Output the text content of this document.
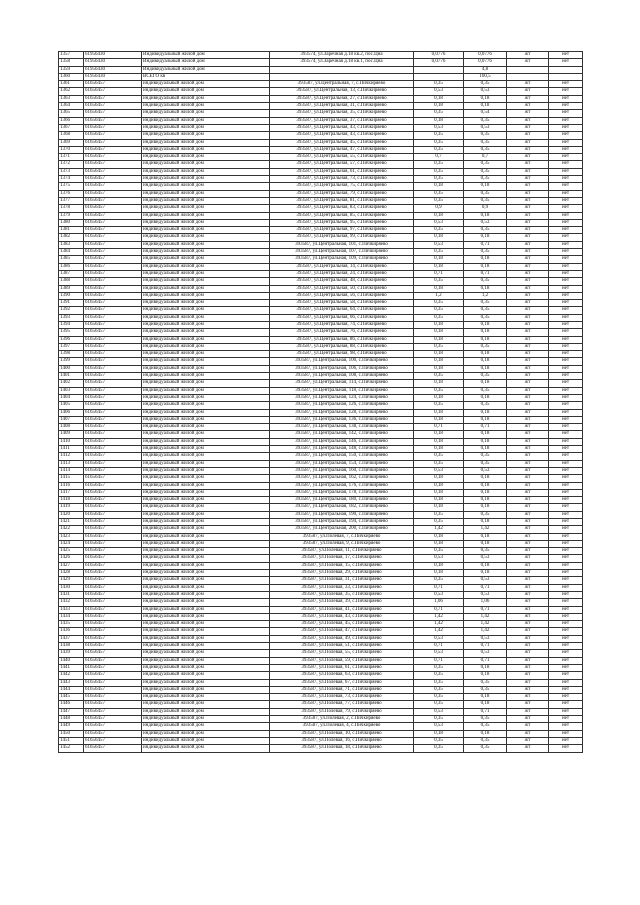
1357	61956430	Индивидуальный жилой дом	393574, ул.Заречная д.18 кв.2, пос.Цна	0,0776	0,0776	жт	нет
1358	61956430	Индивидуальный жилой дом	393574, ул.Заречная д.18 кв.1, пос.Цна	0,0776	0,0776	жт	нет
1359	61956430	Индивидуальный жилой дом			4,8		
1360	61956430	ВСЕГО кв			160,5		
1361	61656457	индивидуальный жилой дом	393587, ул.Центральная, 7, с.Пичкиряево	0,35	0,35	жт	нет
1362	61656457	индивидуальный жилой дом	393587, ул.Центральная, 13, с.Пичкиряево	0,53	0,53	жт	нет
1363	61656457	индивидуальный жилой дом	393587, ул.Центральная, 27, с.Пичкиряево	0,18	0,18	жт	нет
1364	61656457	индивидуальный жилой дом	393587, ул.Центральная, 31, с.Пичкиряево	0,18	0,18	жт	нет
1365	61656457	индивидуальный жилой дом	393587, ул.Центральная, 35, с.Пичкиряево	0,35	0,54	жт	нет
1366	61656457	индивидуальный жилой дом	393587, ул.Центральная, 37, с.Пичкиряево	0,18	0,35	жт	нет
1367	61656457	индивидуальный жилой дом	393587, ул.Центральная, 43, с.Пичкиряево	0,53	0,53	жт	нет
1368	61656457	индивидуальный жилой дом	393587, ул.Центральная, 43, с.Пичкиряево	0,35	0,35	жт	нет
1369	61656457	индивидуальный жилой дом	393587, ул.Центральная, 45, с.Пичкиряево	0,35	0,35	жт	нет
1370	61656457	индивидуальный жилой дом	393587, ул.Центральная, 47, с.Пичкиряево	0,35	0,35	жт	нет
1371	61656457	индивидуальный жилой дом	393587, ул.Центральная, 55, с.Пичкиряево	0,7	0,7	жт	нет
1372	61656457	индивидуальный жилой дом	393587, ул.Центральная, 57, с.Пичкиряево	0,35	0,35	жт	нет
1373	61656457	индивидуальный жилой дом	393587, ул.Центральная, 61, с.Пичкиряево	0,35	0,35	жт	нет
1374	61656457	индивидуальный жилой дом	393587, ул.Центральная, 73, с.Пичкиряево	0,35	0,35	жт	нет
1375	61656457	индивидуальный жилой дом	393587, ул.Центральная, 75, с.Пичкиряево	0,18	0,18	жт	нет
1376	61656457	индивидуальный жилой дом	393587, ул.Центральная, 79, с.Пичкиряево	0,35	0,35	жт	нет
1377	61656457	индивидуальный жилой дом	393587, ул.Центральная, 81, с.Пичкиряево	0,35	0,35	жт	нет
1378	61656457	индивидуальный жилой дом	393587, ул.Центральная, 83, с.Пичкиряево	0,9	0,9	жт	нет
1379	61656457	индивидуальный жилой дом	393587, ул.Центральная, 85, с.Пичкиряево	0,18	0,18	жт	нет
1380	61656457	индивидуальный жилой дом	393587, ул.Центральная, 95, с.Пичкиряево	0,53	0,53	жт	нет
1381	61656457	индивидуальный жилой дом	393587, ул.Центральная, 97, с.Пичкиряево	0,35	0,35	жт	нет
1382	61656457	индивидуальный жилой дом	393587, ул.Центральная, 99, с.Пичкиряево	0,18	0,18	жт	нет
1383	61656457	индивидуальный жилой дом	393587, ул.Центральная, 101, с.Пичкиряево	0,53	0,71	жт	нет
1384	61656457	индивидуальный жилой дом	393587, ул.Центральная, 107, с.Пичкиряево	0,35	0,35	жт	нет
1385	61656457	индивидуальный жилой дом	393587, ул.Центральная, 109, с.Пичкиряево	0,18	0,18	жт	нет
1386	61656457	индивидуальный жилой дом	393587, ул.Центральная, 14, с.Пичкиряево	0,18	0,18	жт	нет
1387	61656457	индивидуальный жилой дом	393587, ул.Центральная, 24, с.Пичкиряево	0,71	0,71	жт	нет
1388	61656457	индивидуальный жилой дом	393587, ул.Центральная, 48, с.Пичкиряево	0,35	0,35	жт	нет
1389	61656457	индивидуальный жилой дом	393587, ул.Центральная, 50, с.Пичкиряево	0,18	0,18	жт	нет
1390	61656457	индивидуальный жилой дом	393587, ул.Центральная, 56, с.Пичкиряево	1,2	1,2	жт	нет
1391	61656457	индивидуальный жилой дом	393587, ул.Центральная, 58, с.Пичкиряево	0,35	0,35	жт	нет
1392	61656457	индивидуальный жилой дом	393587, ул.Центральная, 64, с.Пичкиряево	0,35	0,35	жт	нет
1393	61656457	индивидуальный жилой дом	393587, ул.Центральная, 66, с.Пичкиряево	0,35	0,35	жт	нет
1394	61656457	индивидуальный жилой дом	393587, ул.Центральная, 74, с.Пичкиряево	0,18	0,18	жт	нет
1395	61656457	индивидуальный жилой дом	393587, ул.Центральная, 76, с.Пичкиряево	0,18	0,18	жт	нет
1396	61656457	индивидуальный жилой дом	393587, ул.Центральная, 86, с.Пичкиряево	0,18	0,18	жт	нет
1397	61656457	индивидуальный жилой дом	393587, ул.Центральная, 88, с.Пичкиряево	0,35	0,35	жт	нет
1398	61656457	индивидуальный жилой дом	393587, ул.Центральная, 98, с.Пичкиряево	0,18	0,18	жт	нет
1399	61656457	индивидуальный жилой дом	393587, ул.Центральная, 100, с.Пичкиряево	0,18	0,18	жт	нет
1400	61656457	индивидуальный жилой дом	393587, ул.Центральная, 106, с.Пичкиряево	0,18	0,18	жт	нет
1401	61656457	индивидуальный жилой дом	393587, ул.Центральная, 108, с.Пичкиряево	0,35	0,35	жт	нет
1402	61656457	индивидуальный жилой дом	393587, ул.Центральная, 114, с.Пичкиряево	0,18	0,18	жт	нет
1403	61656457	индивидуальный жилой дом	393587, ул.Центральная, 118, с.Пичкиряево	0,35	0,35	жт	нет
1404	61656457	индивидуальный жилой дом	393587, ул.Центральная, 124, с.Пичкиряево	0,18	0,18	жт	нет
1405	61656457	индивидуальный жилой дом	393587, ул.Центральная, 126, с.Пичкиряево	0,35	0,35	жт	нет
1406	61656457	индивидуальный жилой дом	393587, ул.Центральная, 128, с.Пичкиряево	0,18	0,18	жт	нет
1407	61656457	индивидуальный жилой дом	393587, ул.Центральная, 136, с.Пичкиряево	0,18	0,18	жт	нет
1408	61656457	индивидуальный жилой дом	393587, ул.Центральная, 138, с.Пичкиряево	0,71	0,71	жт	нет
1409	61656457	индивидуальный жилой дом	393587, ул.Центральная, 142, с.Пичкиряево	0,18	0,18	жт	нет
1410	61656457	индивидуальный жилой дом	393587, ул.Центральная, 146, с.Пичкиряево	0,18	0,18	жт	нет
1411	61656457	индивидуальный жилой дом	393587, ул.Центральная, 148, с.Пичкиряево	0,18	0,18	жт	нет
1412	61656457	индивидуальный жилой дом	393587, ул.Центральная, 150, с.Пичкиряево	0,35	0,35	жт	нет
1413	61656457	индивидуальный жилой дом	393587, ул.Центральная, 154, с.Пичкиряево	0,35	0,35	жт	нет
1414	61656457	индивидуальный жилой дом	393587, ул.Центральная, 160, с.Пичкиряево	0,53	0,53	жт	нет
1415	61656457	индивидуальный жилой дом	393587, ул.Центральная, 162, с.Пичкиряево	0,18	0,18	жт	нет
1416	61656457	индивидуальный жилой дом	393587, ул.Центральная, 176, с.Пичкиряево	0,18	0,18	жт	нет
1417	61656457	индивидуальный жилой дом	393587, ул.Центральная, 178, с.Пичкиряево	0,18	0,18	жт	нет
1418	61656457	индивидуальный жилой дом	393587, ул.Центральная, 180, с.Пичкиряево	0,18	0,18	жт	нет
1419	61656457	индивидуальный жилой дом	393587, ул.Центральная, 182, с.Пичкиряево	0,18	0,18	жт	нет
1420	61656457	индивидуальный жилой дом	393587, ул.Центральная, 190, с.Пичкиряево	0,35	0,35	жт	нет
1421	61656457	индивидуальный жилой дом	393587, ул.Центральная, 194, с.Пичкиряево	0,35	0,18	жт	нет
1422	61656457	индивидуальный жилой дом	393587, ул.Центральная, 200, с.Пичкиряево	1,42	1,42	жт	нет
1423	61656457	индивидуальный жилой дом	393587, ул.Полевая, 7, с.Пичкиряево	0,18	0,18	жт	нет
1424	61656457	индивидуальный жилой дом	393587, ул.Полевая, 9, с.Пичкиряево	0,18	0,18	жт	нет
1425	61656457	индивидуальный жилой дом	393587, ул.Полевая, 11, с.Пичкиряево	0,35	0,35	жт	нет
1426	61656457	индивидуальный жилой дом	393587, ул.Полевая, 17, с.Пичкиряево	0,53	0,53	жт	нет
1427	61656457	индивидуальный жилой дом	393587, ул.Полевая, 15, с.Пичкиряево	0,18	0,18	жт	нет
1428	61656457	индивидуальный жилой дом	393587, ул.Полевая, 29, с.Пичкиряево	0,18	0,18	жт	нет
1429	61656457	индивидуальный жилой дом	393587, ул.Полевая, 31, с.Пичкиряево	0,35	0,53	жт	нет
1430	61656457	индивидуальный жилой дом	393587, ул.Полевая, 33, с.Пичкиряево	0,71	0,71	жт	нет
1431	61656457	индивидуальный жилой дом	393587, ул.Полевая, 35, с.Пичкиряево	0,53	0,53	жт	нет
1432	61656457	индивидуальный жилой дом	393587, ул.Полевая, 39, с.Пичкиряево	1,06	1,06	жт	нет
1433	61656457	индивидуальный жилой дом	393587, ул.Полевая, 41, с.Пичкиряево	0,71	0,71	жт	нет
1434	61656457	индивидуальный жилой дом	393587, ул.Полевая, 43, с.Пичкиряево	1,42	1,42	жт	нет
1435	61656457	индивидуальный жилой дом	393587, ул.Полевая, 45, с.Пичкиряево	1,42	1,42	жт	нет
1436	61656457	индивидуальный жилой дом	393587, ул.Полевая, 47, с.Пичкиряево	1,42	1,42	жт	нет
1437	61656457	индивидуальный жилой дом	393587, ул.Полевая, 49, с.Пичкиряево	0,53	0,53	жт	нет
1438	61656457	индивидуальный жилой дом	393587, ул.Полевая, 51, с.Пичкиряево	0,71	0,71	жт	нет
1439	61656457	индивидуальный жилой дом	393587, ул.Полевая, 55, с.Пичкиряево	0,53	0,53	жт	нет
1440	61656457	индивидуальный жилой дом	393587, ул.Полевая, 59, с.Пичкиряево	0,71	0,71	жт	нет
1441	61656457	индивидуальный жилой дом	393587, ул.Полевая, 61, с.Пичкиряево	0,35	0,18	жт	нет
1442	61656457	индивидуальный жилой дом	393587, ул.Полевая, 63, с.Пичкиряево	0,35	0,18	жт	нет
1443	61656457	индивидуальный жилой дом	393587, ул.Полевая, 67, с.Пичкиряево	0,35	0,35	жт	нет
1444	61656457	индивидуальный жилой дом	393587, ул.Полевая, 71, с.Пичкиряево	0,35	0,35	жт	нет
1445	61656457	индивидуальный жилой дом	393587, ул.Полевая, 73, с.Пичкиряево	0,35	0,18	жт	нет
1446	61656457	индивидуальный жилой дом	393587, ул.Полевая, 77, с.Пичкиряево	0,35	0,18	жт	нет
1447	61656457	индивидуальный жилой дом	393587, ул.Полевая, 79, с.Пичкиряево	0,53	0,71	жт	нет
1448	61656457	индивидуальный жилой дом	393587, ул.Полевая, 2, с.Пичкиряево	0,35	0,35	жт	нет
1449	61656457	индивидуальный жилой дом	393587, ул.Полевая, 4, с.Пичкиряево	0,53	0,35	жт	нет
1450	61656457	индивидуальный жилой дом	393587, ул.Полевая, 10, с.Пичкиряево	0,18	0,18	жт	нет
1451	61656457	индивидуальный жилой дом	393587, ул.Полевая, 16, с.Пичкиряево	0,35	0,35	жт	нет
1452	61656457	индивидуальный жилой дом	393587, ул.Полевая, 18, с.Пичкиряево	0,35	0,35	жт	нет
